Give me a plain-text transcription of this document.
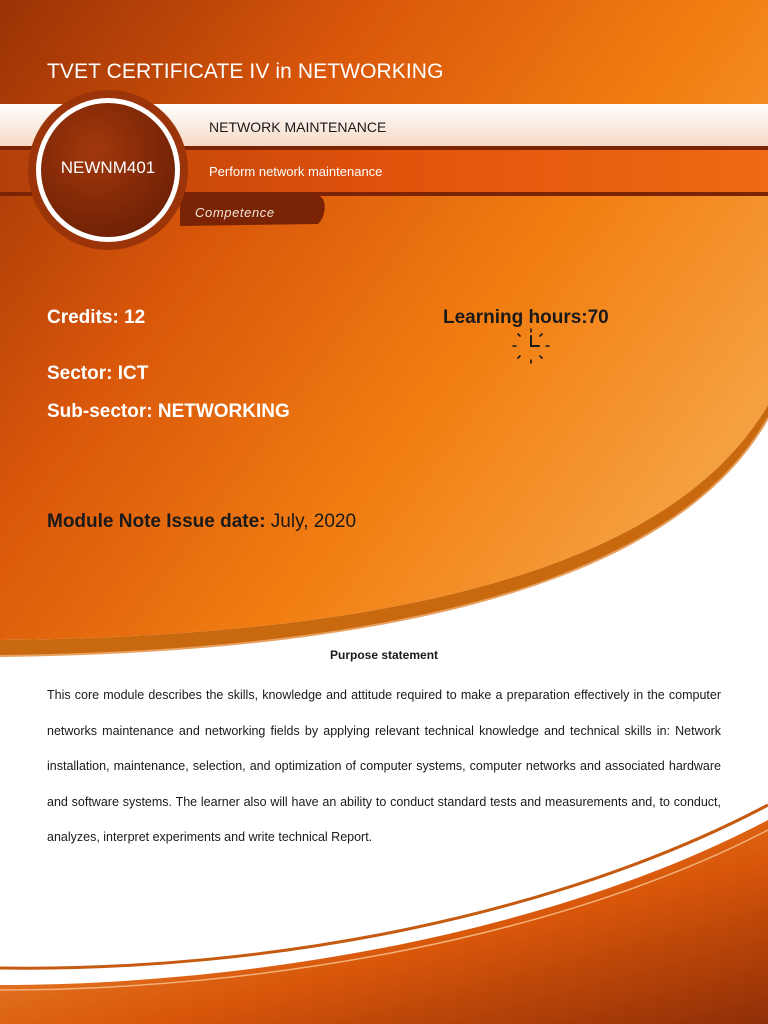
TVET CERTIFICATE IV in NETWORKING
NETWORK MAINTENANCE
Perform network maintenance
NEWNM401
Competence
Credits: 12	Learning hours:70
Sector: ICT
Sub-sector: NETWORKING
Module Note Issue date: July, 2020
Purpose statement
This core module describes the skills, knowledge and attitude required to make a preparation effectively in the computer networks maintenance and networking fields by applying relevant technical knowledge and technical skills in: Network installation, maintenance, selection, and optimization of computer systems, computer networks and associated hardware and software systems. The learner also will have an ability to conduct standard tests and measurements and, to conduct, analyzes, interpret experiments and write technical Report.
